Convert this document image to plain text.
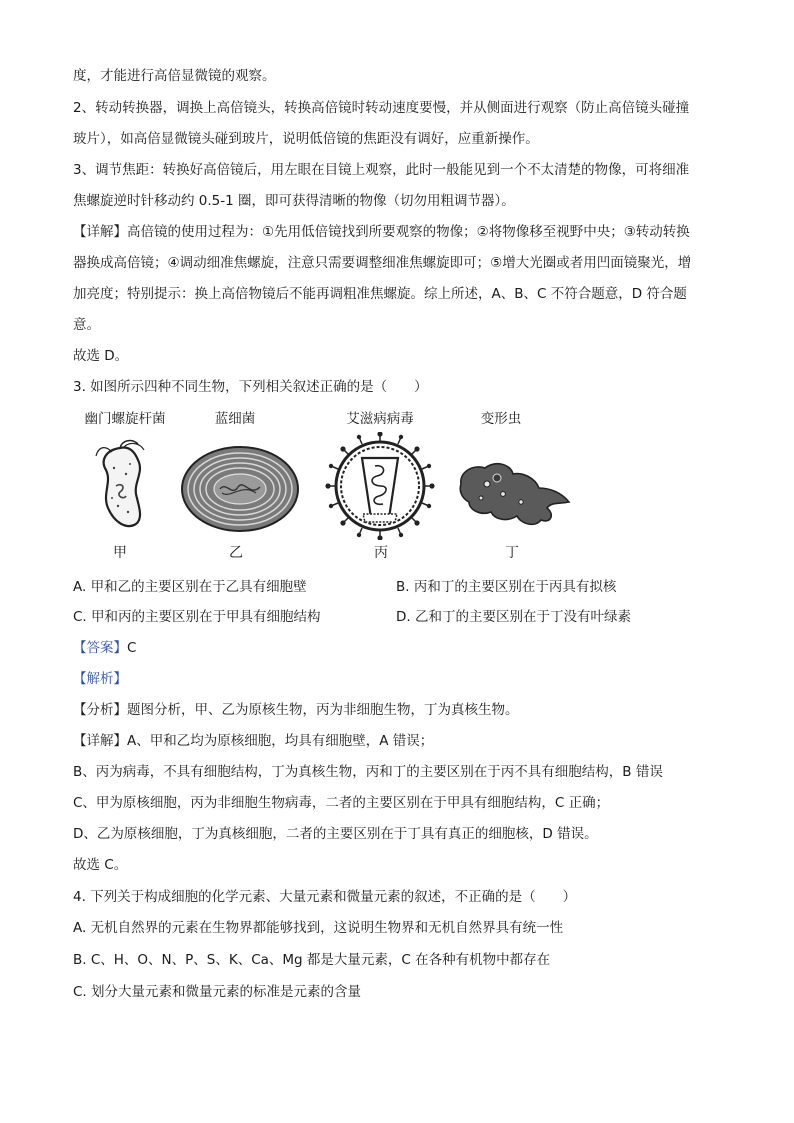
度，才能进行高倍显微镜的观察。
2、转动转换器，调换上高倍镜头，转换高倍镜时转动速度要慢，并从侧面进行观察（防止高倍镜头碰撞
玻片），如高倍显微镜头碰到玻片，说明低倍镜的焦距没有调好，应重新操作。
3、调节焦距：转换好高倍镜后，用左眼在目镜上观察，此时一般能见到一个不太清楚的物像，可将细准
焦螺旋逆时针移动约 0.5-1 圈，即可获得清晰的物像（切勿用粗调节器）。
【详解】高倍镜的使用过程为：①先用低倍镜找到所要观察的物像；②将物像移至视野中央；③转动转换
器换成高倍镜；④调动细准焦螺旋，注意只需要调整细准焦螺旋即可；⑤增大光圈或者用凹面镜聚光，增
加亮度；特别提示：换上高倍物镜后不能再调粗准焦螺旋。综上所述，A、B、C 不符合题意，D 符合题
意。
故选 D。
3. 如图所示四种不同生物，下列相关叙述正确的是（　　）
幽门螺旋杆菌	蓝细菌	艾滋病病毒	变形虫
甲	乙	丙	丁
A. 甲和乙的主要区别在于乙具有细胞壁	B. 丙和丁的主要区别在于丙具有拟核
C. 甲和丙的主要区别在于甲具有细胞结构	D. 乙和丁的主要区别在于丁没有叶绿素
【答案】C
【解析】
【分析】题图分析，甲、乙为原核生物，丙为非细胞生物，丁为真核生物。
【详解】A、甲和乙均为原核细胞，均具有细胞壁，A 错误；
B、丙为病毒，不具有细胞结构，丁为真核生物，丙和丁的主要区别在于丙不具有细胞结构，B 错误
C、甲为原核细胞，丙为非细胞生物病毒，二者的主要区别在于甲具有细胞结构，C 正确；
D、乙为原核细胞，丁为真核细胞，二者的主要区别在于丁具有真正的细胞核，D 错误。
故选 C。
4. 下列关于构成细胞的化学元素、大量元素和微量元素的叙述，不正确的是（　　）
A. 无机自然界的元素在生物界都能够找到，这说明生物界和无机自然界具有统一性
B. C、H、O、N、P、S、K、Ca、Mg 都是大量元素，C 在各种有机物中都存在
C. 划分大量元素和微量元素的标准是元素的含量
